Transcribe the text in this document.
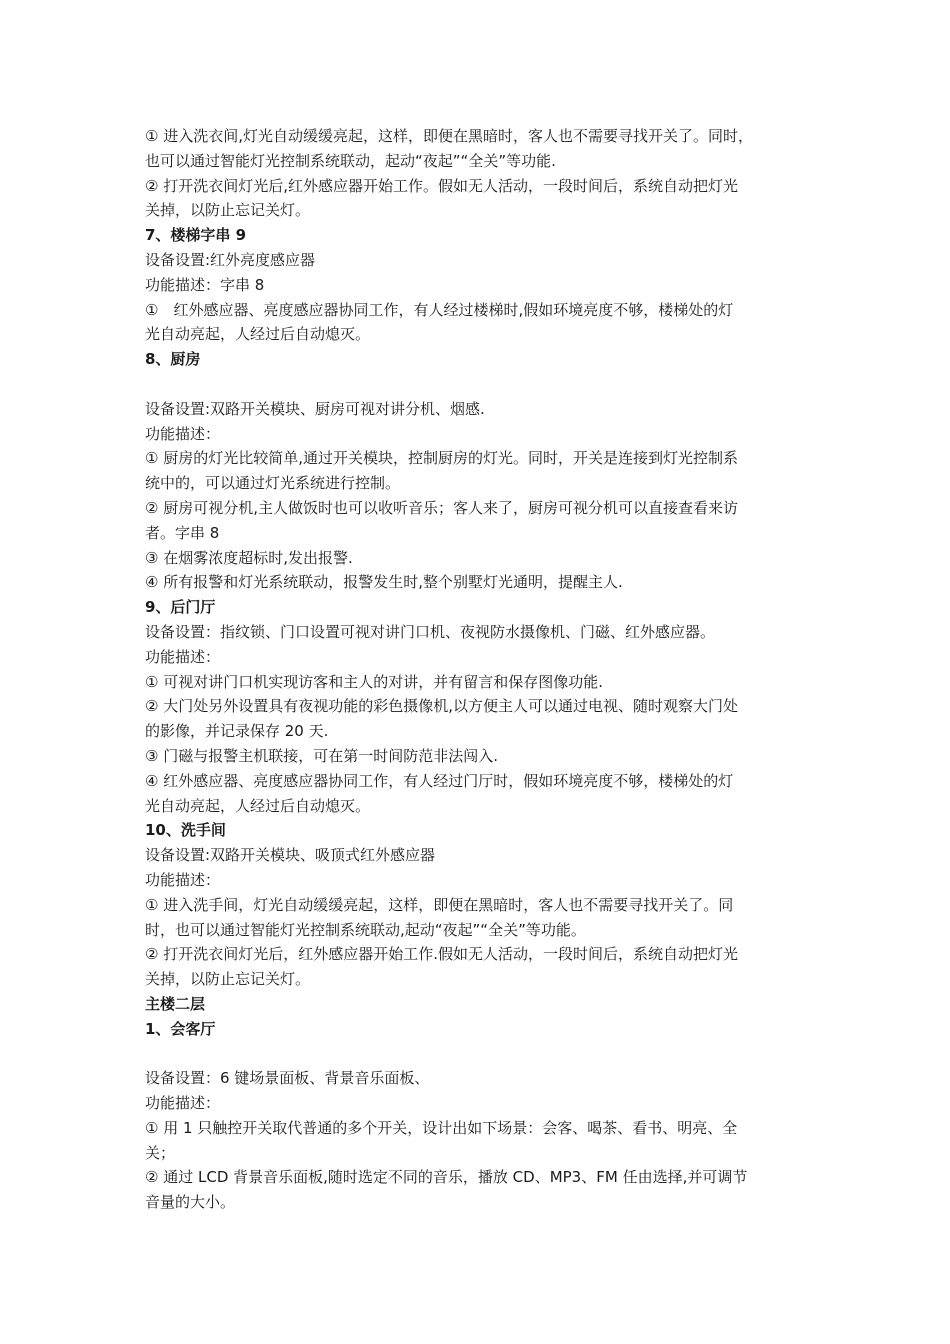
① 进入洗衣间,灯光自动缓缓亮起，这样，即便在黑暗时，客人也不需要寻找开关了。同时，
也可以通过智能灯光控制系统联动，起动“夜起”“全关”等功能.
② 打开洗衣间灯光后,红外感应器开始工作。假如无人活动，一段时间后，系统自动把灯光
关掉，以防止忘记关灯。
7、楼梯字串 9
设备设置:红外亮度感应器
功能描述：字串 8
①　红外感应器、亮度感应器协同工作，有人经过楼梯时,假如环境亮度不够，楼梯处的灯
光自动亮起，人经过后自动熄灭。
8、厨房
设备设置:双路开关模块、厨房可视对讲分机、烟感.
功能描述：
① 厨房的灯光比较简单,通过开关模块，控制厨房的灯光。同时，开关是连接到灯光控制系
统中的，可以通过灯光系统进行控制。
② 厨房可视分机,主人做饭时也可以收听音乐；客人来了，厨房可视分机可以直接查看来访
者。字串 8
③ 在烟雾浓度超标时,发出报警.
④ 所有报警和灯光系统联动，报警发生时,整个别墅灯光通明，提醒主人.
9、后门厅
设备设置：指纹锁、门口设置可视对讲门口机、夜视防水摄像机、门磁、红外感应器。
功能描述：
① 可视对讲门口机实现访客和主人的对讲，并有留言和保存图像功能.
② 大门处另外设置具有夜视功能的彩色摄像机,以方便主人可以通过电视、随时观察大门处
的影像，并记录保存 20 天.
③ 门磁与报警主机联接，可在第一时间防范非法闯入.
④ 红外感应器、亮度感应器协同工作，有人经过门厅时，假如环境亮度不够，楼梯处的灯
光自动亮起，人经过后自动熄灭。
10、洗手间
设备设置:双路开关模块、吸顶式红外感应器
功能描述：
① 进入洗手间，灯光自动缓缓亮起，这样，即便在黑暗时，客人也不需要寻找开关了。同
时，也可以通过智能灯光控制系统联动,起动“夜起”“全关”等功能。
② 打开洗衣间灯光后，红外感应器开始工作.假如无人活动，一段时间后，系统自动把灯光
关掉，以防止忘记关灯。
主楼二层
1、会客厅
设备设置：6 键场景面板、背景音乐面板、
功能描述：
① 用 1 只触控开关取代普通的多个开关，设计出如下场景：会客、喝茶、看书、明亮、全
关；
② 通过 LCD 背景音乐面板,随时选定不同的音乐，播放 CD、MP3、FM 任由选择,并可调节
音量的大小。
